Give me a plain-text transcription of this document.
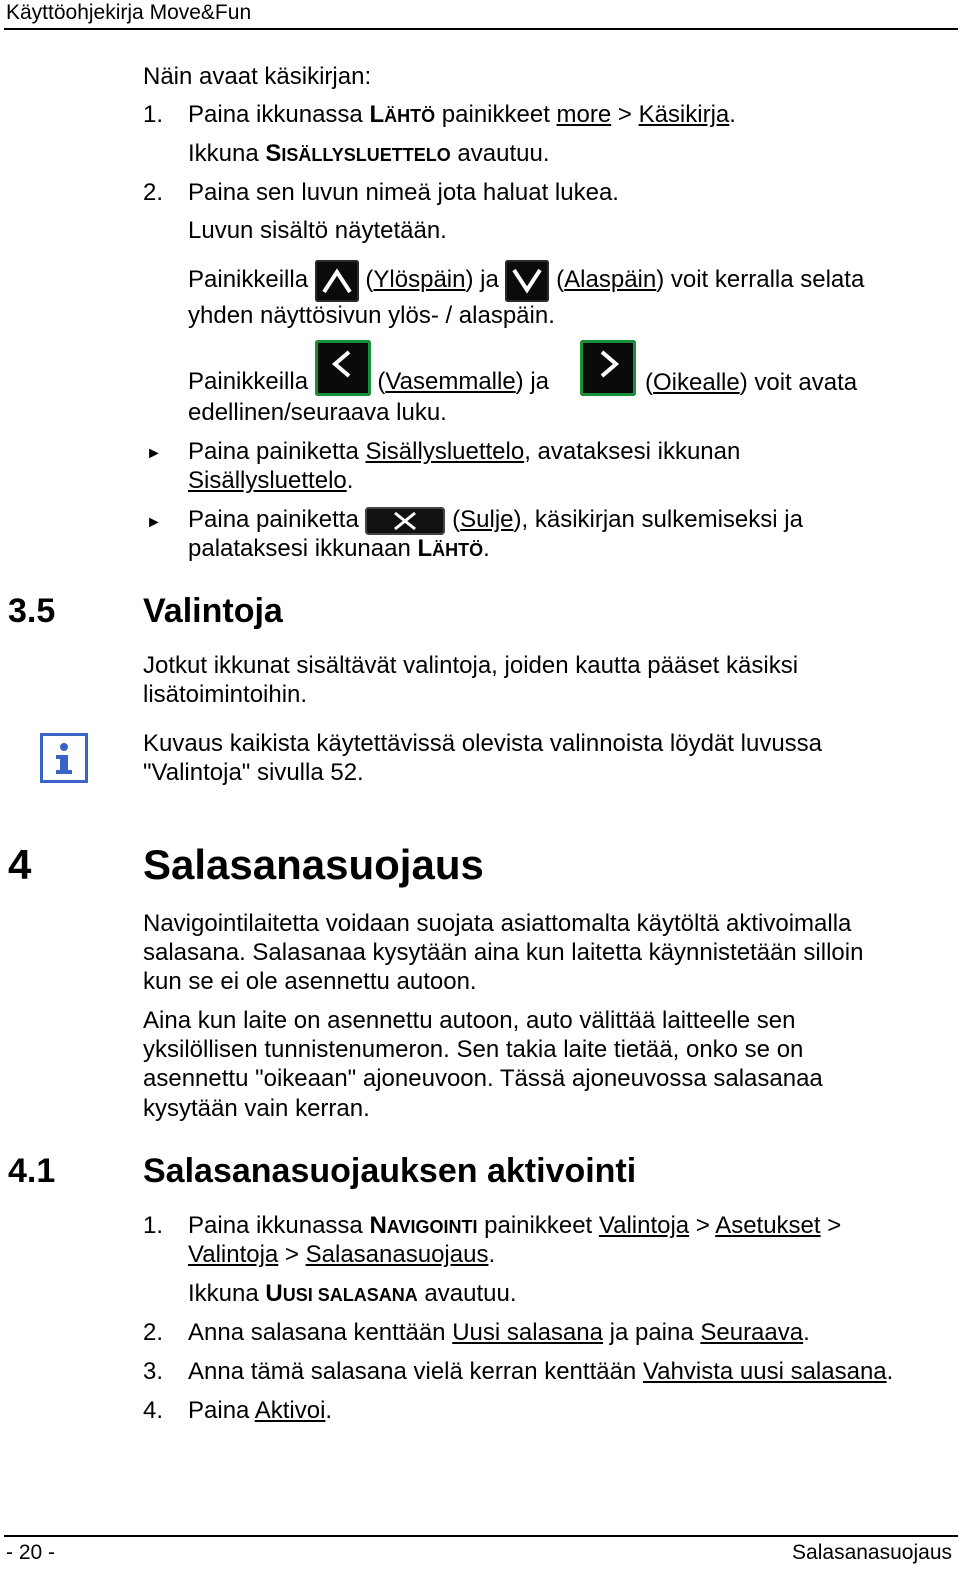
Käyttöohjekirja Move&Fun
Näin avaat käsikirjan:
1. Paina ikkunassa LÄHTÖ painikkeet more > Käsikirja.
Ikkuna SISÄLLYSLUETTELO avautuu.
2. Paina sen luvun nimeä jota haluat lukea.
Luvun sisältö näytetään.
Painikkeilla
(Ylöspäin) ja
(Alaspäin) voit kerralla selata
yhden näyttösivun ylös- / alaspäin.
Painikkeilla	(Vasemmalle) ja	(Oikealle) voit avata
edellinen/seuraava luku.
► Paina painiketta Sisällysluettelo, avataksesi ikkunan
Sisällysluettelo.
► Paina painiketta	(Sulje), käsikirjan sulkemiseksi ja
palataksesi ikkunaan LÄHTÖ.
3.5	Valintoja
Jotkut ikkunat sisältävät valintoja, joiden kautta pääset käsiksi
lisätoimintoihin.
Kuvaus kaikista käytettävissä olevista valinnoista löydät luvussa
"Valintoja" sivulla 52.
4	Salasanasuojaus
Navigointilaitetta voidaan suojata asiattomalta käytöltä aktivoimalla
salasana. Salasanaa kysytään aina kun laitetta käynnistetään silloin
kun se ei ole asennettu autoon.
Aina kun laite on asennettu autoon, auto välittää laitteelle sen
yksilöllisen tunnistenumeron. Sen takia laite tietää, onko se on
asennettu "oikeaan" ajoneuvoon. Tässä ajoneuvossa salasanaa
kysytään vain kerran.
4.1	Salasanasuojauksen aktivointi
1. Paina ikkunassa NAVIGOINTI painikkeet Valintoja > Asetukset >
Valintoja > Salasanasuojaus.
Ikkuna UUSI SALASANA avautuu.
2. Anna salasana kenttään Uusi salasana ja paina Seuraava.
3. Anna tämä salasana vielä kerran kenttään Vahvista uusi salasana.
4. Paina Aktivoi.
- 20 -	Salasanasuojaus
